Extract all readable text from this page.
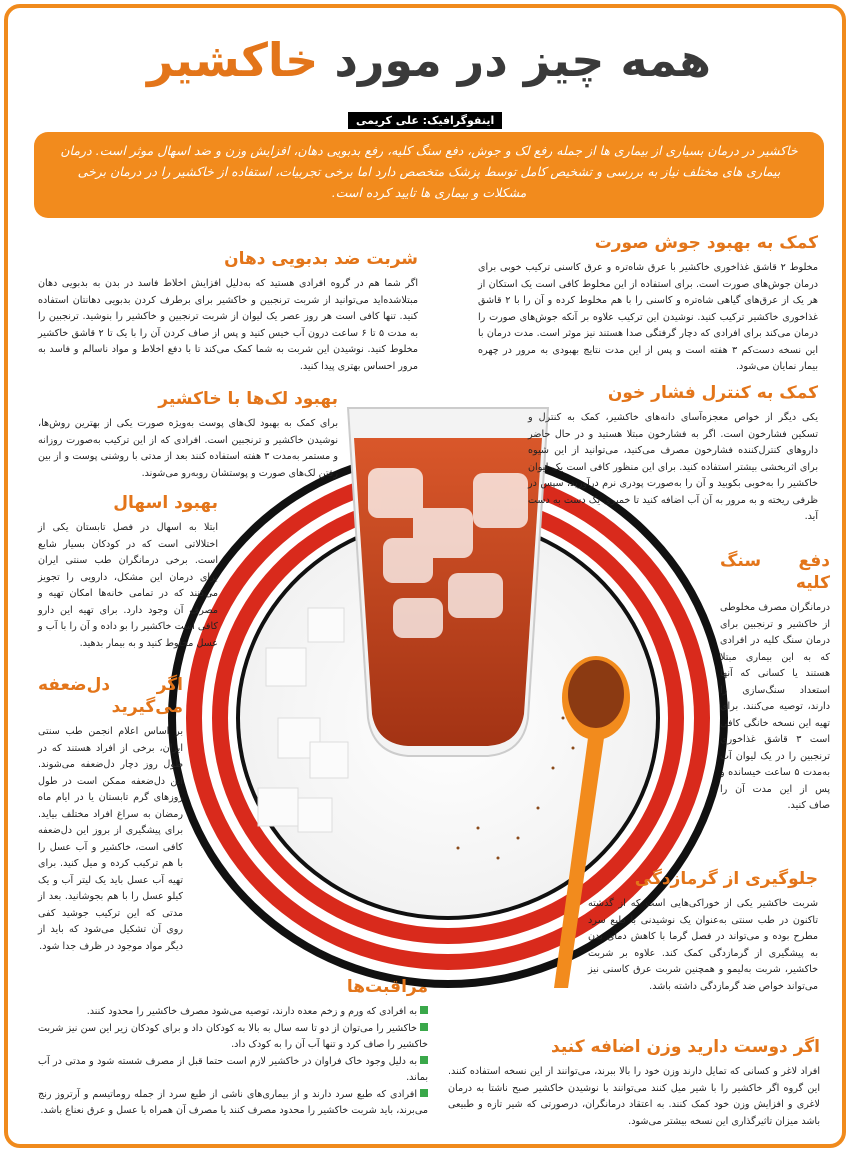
همه چیز در مورد خاکشیر
اینفوگرافیک: علی کریمی
خاکشیر در درمان بسیاری از بیماری ها از جمله رفع لک و جوش، دفع سنگ کلیه، رفع بدبویی دهان، افزایش وزن و ضد اسهال موثر است. درمان بیماری های مختلف نیاز به بررسی و تشخیص کامل توسط پزشک متخصص دارد اما برخی تجربیات، استفاده از خاکشیر را در درمان برخی مشکلات و بیماری ها تایید کرده است.
کمک به بهبود جوش صورت

مخلوط ۲ قاشق غذاخوری خاکشیر با عرق شاه‌تره و عرق کاسنی ترکیب خوبی برای درمان جوش‌های صورت است. برای استفاده از این مخلوط کافی است یک استکان از هر یک از عرق‌های گیاهی شاه‌تره و کاسنی را با هم مخلوط کرده و آن را با ۲ قاشق غذاخوری خاکشیر ترکیب کنید. نوشیدن این ترکیب علاوه بر آنکه جوش‌های صورت را درمان می‌کند برای افرادی که دچار گرفتگی صدا هستند نیز موثر است. مدت درمان با این نسخه دست‌کم ۳ هفته است و پس از این مدت نتایج بهبودی به مرور در چهره بیمار نمایان می‌شود.

کمک به کنترل فشار خون

یکی دیگر از خواص معجزه‌آسای دانه‌های خاکشیر، کمک به کنترل و تسکین فشارخون است. اگر به فشارخون مبتلا هستید و در حال حاضر داروهای کنترل‌کننده فشارخون مصرف می‌کنید، می‌توانید از این شیوه برای اثربخشی بیشتر استفاده کنید. برای این منظور کافی است یک لیوان خاکشیر را به‌خوبی بکوبید و آن را به‌صورت پودری نرم درآورید، سپس در ظرفی ریخته و به مرور به آن آب اضافه کنید تا خمیری یک دست به دست آید.

دفع سنگ کلیه

درمانگران مصرف مخلوطی از خاکشیر و ترنجبین برای درمان سنگ کلیه در افرادی که به این بیماری مبتلا هستند یا کسانی که آنها استعداد سنگ‌سازی را دارند، توصیه می‌کنند. برای تهیه این نسخه خانگی کافی است ۳ قاشق غذاخوری ترنجبین را در یک لیوان آب به‌مدت ۵ ساعت خیسانده و پس از این مدت آن را صاف کنید.

جلوگیری از گرمازدگی

شربت خاکشیر یکی از خوراکی‌هایی است که از گذشته تاکنون در طب سنتی به‌عنوان یک نوشیدنی با طبع سرد مطرح بوده و می‌تواند در فصل گرما با کاهش دمای بدن به پیشگیری از گرمازدگی کمک کند. علاوه بر شربت خاکشیر، شربت به‌لیمو و همچنین شربت عرق کاسنی نیز می‌تواند خواص ضد گرمازدگی داشته باشد.

شربت ضد بدبویی دهان

اگر شما هم در گروه افرادی هستید که به‌دلیل افزایش اخلاط فاسد در بدن به بدبویی دهان مبتلاشده‌اید می‌توانید از شربت ترنجبین و خاکشیر برای برطرف کردن بدبویی دهانتان استفاده کنید. تنها کافی است هر روز عصر یک لیوان از شربت ترنجبین و خاکشیر را بنوشید. ترنجبین را به مدت ۵ تا ۶ ساعت درون آب خیس کنید و پس از صاف کردن آن را با یک تا ۲ قاشق خاکشیر مخلوط کنید. نوشیدن این شربت به شما کمک می‌کند تا با دفع اخلاط و مواد ناسالم و فاسد به مرور احساس بهتری پیدا کنید.

بهبود لک‌ها با خاکشیر

برای کمک به بهبود لک‌های پوست به‌ویژه صورت یکی از بهترین روش‌ها، نوشیدن خاکشیر و ترنجبین است. افرادی که از این ترکیب به‌صورت روزانه و مستمر به‌مدت ۳ هفته استفاده کنند بعد از مدتی با روشنی پوست و از بین رفتن لک‌های صورت و پوستشان روبه‌رو می‌شوند.

بهبود اسهال

ابتلا به اسهال در فصل تابستان یکی از اختلالاتی است که در کودکان بسیار شایع است. برخی درمانگران طب سنتی ایران برای درمان این مشکل، دارویی را تجویز می‌کنند که در تمامی خانه‌ها امکان تهیه و مصرف آن وجود دارد. برای تهیه این دارو کافی است خاکشیر را بو داده و آن را با آب و عسل مخلوط کنید و به بیمار بدهید.

اگر دل‌ضعفه می‌گیرید

بر اساس اعلام انجمن طب سنتی ایران، برخی از افراد هستند که در طول روز دچار دل‌ضعفه می‌شوند. این دل‌ضعفه ممکن است در طول روزهای گرم تابستان یا در ایام ماه رمضان به سراغ افراد مختلف بیاید. برای پیشگیری از بروز این دل‌ضعفه کافی است، خاکشیر و آب عسل را با هم ترکیب کرده و میل کنید. برای تهیه آب عسل باید یک لیتر آب و یک کیلو عسل را با هم بجوشانید. بعد از مدتی که این ترکیب جوشید کفی روی آن تشکیل می‌شود که باید از دیگر مواد موجود در ظرف جدا شود.

مراقبت‌ها
به افرادی که ورم و زخم معده دارند، توصیه می‌شود مصرف خاکشیر را محدود کنند.
خاکشیر را می‌توان از دو تا سه سال به بالا به کودکان داد و برای کودکان زیر این سن نیز شربت خاکشیر را صاف کرد و تنها آب آن را به کودک داد.
به دلیل وجود خاک فراوان در خاکشیر لازم است حتما قبل از مصرف شسته شود و مدتی در آب بماند.
افرادی که طبع سرد دارند و از بیماری‌های ناشی از طبع سرد از جمله روماتیسم و آرتروز رنج می‌برند، باید شربت خاکشیر را محدود مصرف کنند یا مصرف آن همراه با عسل و عرق نعناع باشد.
اگر دوست دارید وزن اضافه کنید

افراد لاغر و کسانی که تمایل دارند وزن خود را بالا ببرند، می‌توانند از این نسخه استفاده کنند. این گروه اگر خاکشیر را با شیر میل کنند می‌توانند با نوشیدن خاکشیر صبح ناشتا به درمان لاغری و افزایش وزن خود کمک کنند. به اعتقاد درمانگران، درصورتی که شیر تازه و طبیعی باشد میزان تاثیرگذاری این نسخه بیشتر می‌شود.
